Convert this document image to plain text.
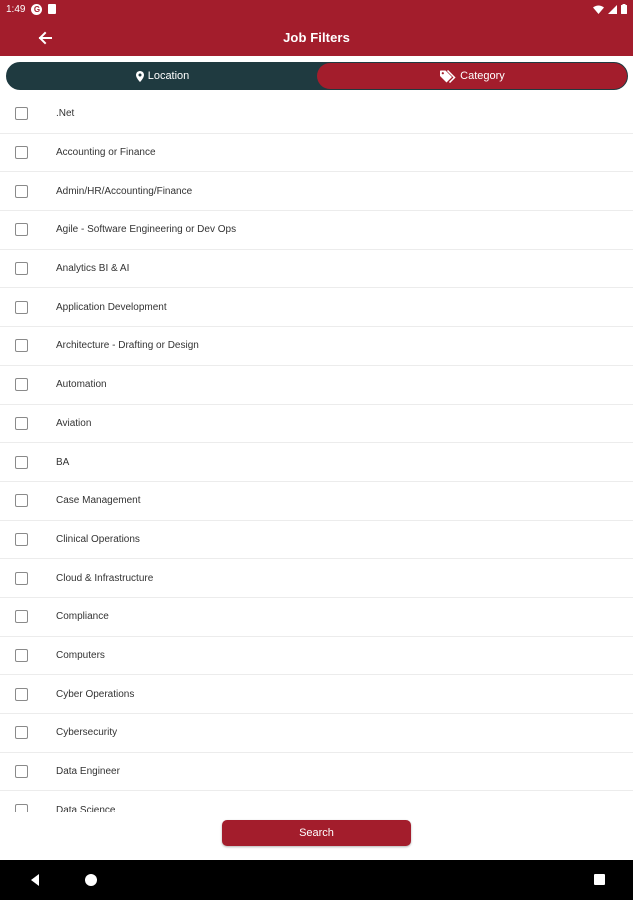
1:49 G
Job Filters
Location	Category
.Net
Accounting or Finance
Admin/HR/Accounting/Finance
Agile - Software Engineering or Dev Ops
Analytics BI & AI
Application Development
Architecture - Drafting or Design
Automation
Aviation
BA
Case Management
Clinical Operations
Cloud & Infrastructure
Compliance
Computers
Cyber Operations
Cybersecurity
Data Engineer
Data Science
Search
